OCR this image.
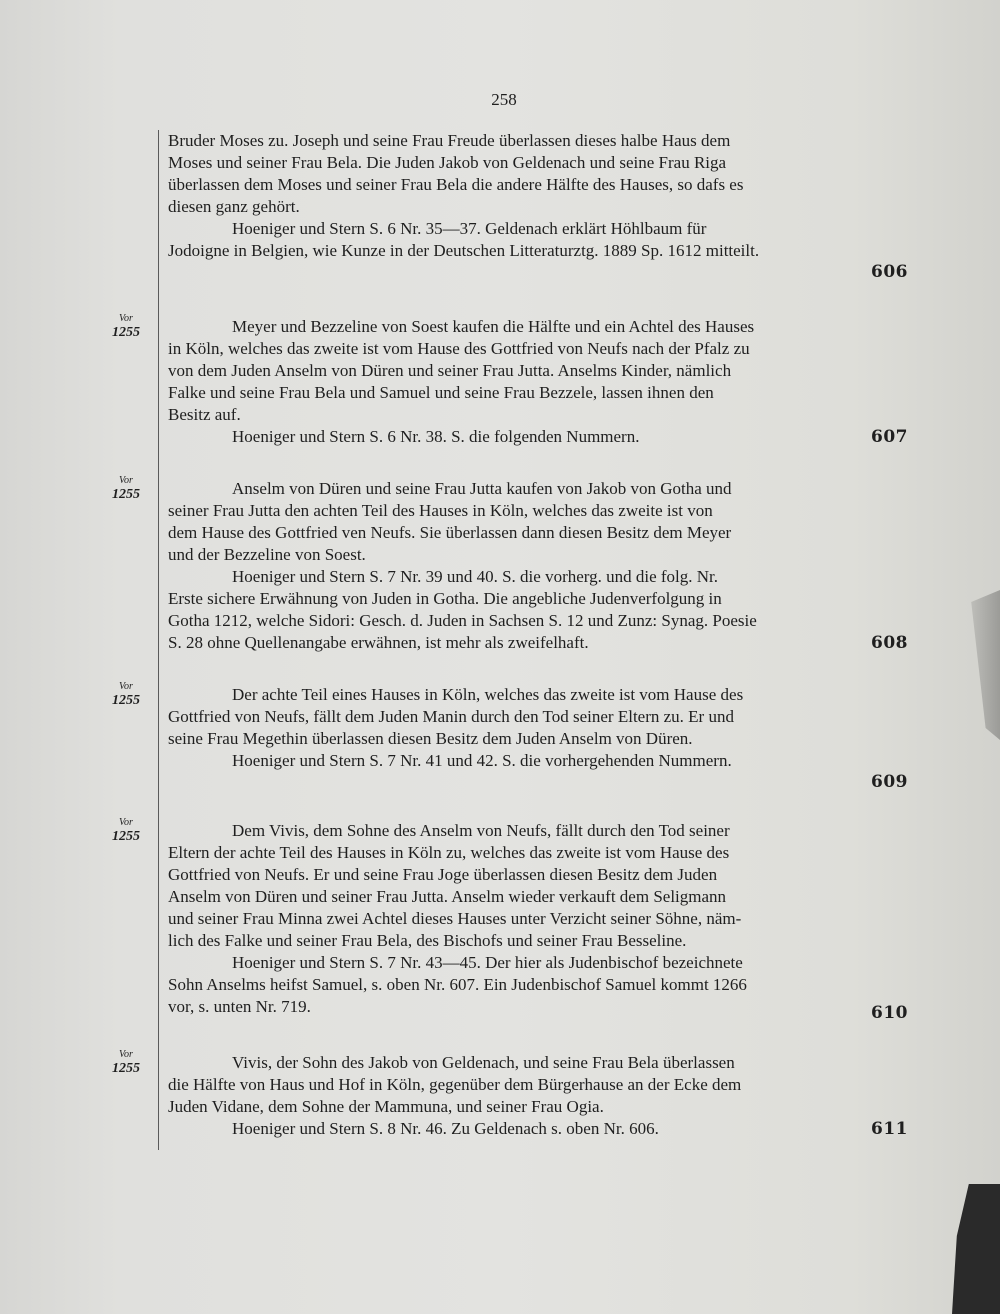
258

Bruder Moses zu. Joseph und seine Frau Freude überlassen dieses halbe Haus dem

Moses und seiner Frau Bela. Die Juden Jakob von Geldenach und seine Frau Riga

überlassen dem Moses und seiner Frau Bela die andere Hälfte des Hauses, so dafs es

diesen ganz gehört.

Hoeniger und Stern S. 6 Nr. 35—37. Geldenach erklärt Höhlbaum für

Jodoigne in Belgien, wie Kunze in der Deutschen Litteraturztg. 1889 Sp. 1612 mitteilt.

606
Vor
1255	Meyer und Bezzeline von Soest kaufen die Hälfte und ein Achtel des Hauses

in Köln, welches das zweite ist vom Hause des Gottfried von Neufs nach der Pfalz zu

von dem Juden Anselm von Düren und seiner Frau Jutta. Anselms Kinder, nämlich

Falke und seine Frau Bela und Samuel und seine Frau Bezzele, lassen ihnen den

Besitz auf.

Hoeniger und Stern S. 6 Nr. 38. S. die folgenden Nummern.	607
Vor
1255	Anselm von Düren und seine Frau Jutta kaufen von Jakob von Gotha und

seiner Frau Jutta den achten Teil des Hauses in Köln, welches das zweite ist von

dem Hause des Gottfried ven Neufs. Sie überlassen dann diesen Besitz dem Meyer

und der Bezzeline von Soest.

Hoeniger und Stern S. 7 Nr. 39 und 40. S. die vorherg. und die folg. Nr.

Erste sichere Erwähnung von Juden in Gotha. Die angebliche Judenverfolgung in

Gotha 1212, welche Sidori: Gesch. d. Juden in Sachsen S. 12 und Zunz: Synag. Poesie

S. 28 ohne Quellenangabe erwähnen, ist mehr als zweifelhaft.	608
Vor
1255	Der achte Teil eines Hauses in Köln, welches das zweite ist vom Hause des

Gottfried von Neufs, fällt dem Juden Manin durch den Tod seiner Eltern zu. Er und

seine Frau Megethin überlassen diesen Besitz dem Juden Anselm von Düren.

Hoeniger und Stern S. 7 Nr. 41 und 42. S. die vorhergehenden Nummern.

609
Vor
1255	Dem Vivis, dem Sohne des Anselm von Neufs, fällt durch den Tod seiner

Eltern der achte Teil des Hauses in Köln zu, welches das zweite ist vom Hause des

Gottfried von Neufs. Er und seine Frau Joge überlassen diesen Besitz dem Juden

Anselm von Düren und seiner Frau Jutta. Anselm wieder verkauft dem Seligmann

und seiner Frau Minna zwei Achtel dieses Hauses unter Verzicht seiner Söhne, näm-

lich des Falke und seiner Frau Bela, des Bischofs und seiner Frau Besseline.

Hoeniger und Stern S. 7 Nr. 43—45. Der hier als Judenbischof bezeichnete

Sohn Anselms heifst Samuel, s. oben Nr. 607. Ein Judenbischof Samuel kommt 1266

vor, s. unten Nr. 719.	610
Vor
1255	Vivis, der Sohn des Jakob von Geldenach, und seine Frau Bela überlassen

die Hälfte von Haus und Hof in Köln, gegenüber dem Bürgerhause an der Ecke dem

Juden Vidane, dem Sohne der Mammuna, und seiner Frau Ogia.

Hoeniger und Stern S. 8 Nr. 46. Zu Geldenach s. oben Nr. 606.	611
